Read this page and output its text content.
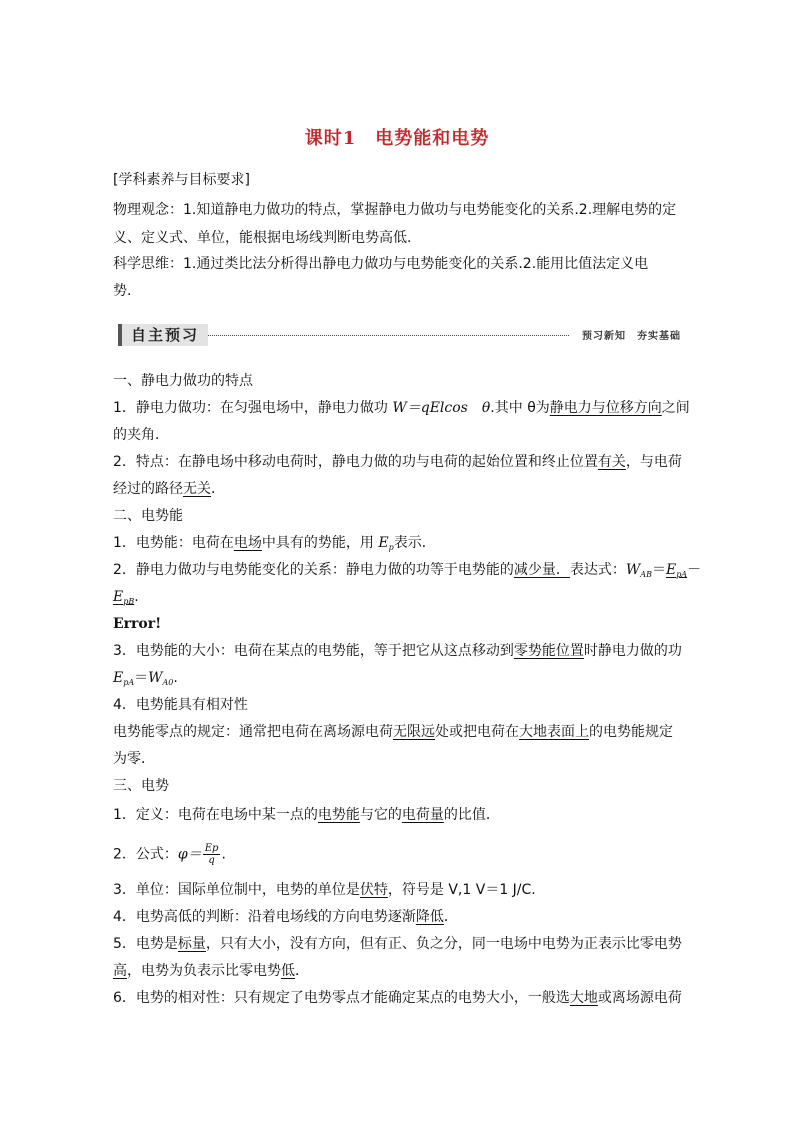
课时1　电势能和电势
[学科素养与目标要求]
物理观念：1.知道静电力做功的特点，掌握静电力做功与电势能变化的关系.2.理解电势的定
义、定义式、单位，能根据电场线判断电势高低.
科学思维：1.通过类比法分析得出静电力做功与电势能变化的关系.2.能用比值法定义电
势.
自主预习	预习新知　夯实基础
一、静电力做功的特点
1．静电力做功：在匀强电场中，静电力做功 W＝qElcos　θ.其中 θ为静电力与位移方向之间
的夹角．
2．特点：在静电场中移动电荷时，静电力做的功与电荷的起始位置和终止位置有关，与电荷
经过的路径无关．
二、电势能
1．电势能：电荷在电场中具有的势能，用 $E_p$表示．
2．静电力做功与电势能变化的关系：静电力做的功等于电势能的减少量．表达式：$W_{AB}=E_{pA}-$
$E_{pB}$.
Error!
3．电势能的大小：电荷在某点的电势能，等于把它从这点移动到零势能位置时静电力做的功
$E_{pA}=W_{A0}$.
4．电势能具有相对性
电势能零点的规定：通常把电荷在离场源电荷无限远处或把电荷在大地表面上的电势能规定
为零．
三、电势
1．定义：电荷在电场中某一点的电势能与它的电荷量的比值．
2．公式：$\varphi= \frac{Ep}{q}$ .
3．单位：国际单位制中，电势的单位是伏特，符号是 V,1 V＝1 J/C.
4．电势高低的判断：沿着电场线的方向电势逐渐降低．
5．电势是标量，只有大小，没有方向，但有正、负之分，同一电场中电势为正表示比零电势
高，电势为负表示比零电势低．
6．电势的相对性：只有规定了电势零点才能确定某点的电势大小，一般选大地或离场源电荷
